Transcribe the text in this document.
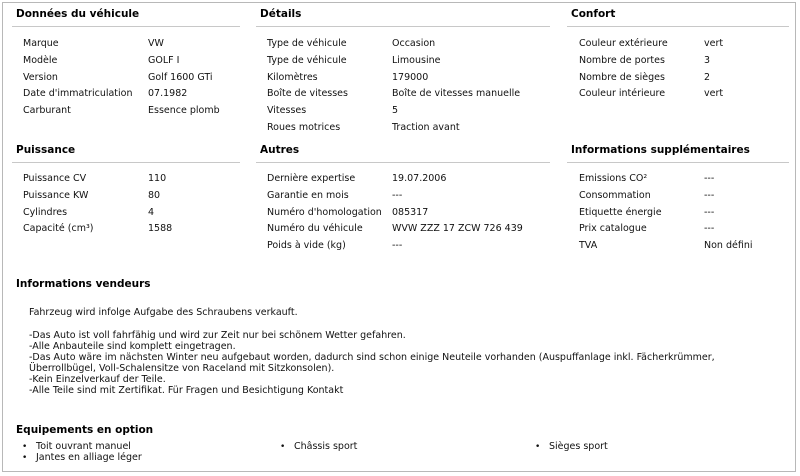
Données du véhicule	Détails	Confort
Marque	VW
Modèle	GOLF I
Version	Golf 1600 GTi
Date d'immatriculation 07.1982
Carburant	Essence plomb
Type de véhicule	Occasion
Type de véhicule	Limousine
Kilomètres	179000
Boîte de vitesses	Boîte de vitesses manuelle
Vitesses	5
Roues motrices	Traction avant
Couleur extérieure	vert
Nombre de portes	3
Nombre de sièges	2
Couleur intérieure	vert
Puissance	Autres	Informations supplémentaires
Puissance CV	110
Puissance KW	80
Cylindres	4
Capacité (cm³)	1588
Dernière expertise	19.07.2006
Garantie en mois	---
Numéro d'homologation 085317
Numéro du véhicule	WVW ZZZ 17 ZCW 726 439
Poids à vide (kg)	---
Emissions CO²	---
Consommation	---
Etiquette énergie	---
Prix catalogue	---
TVA	Non défini
Informations vendeurs
Fahrzeug wird infolge Aufgabe des Schraubens verkauft.
-Das Auto ist voll fahrfähig und wird zur Zeit nur bei schönem Wetter gefahren.
-Alle Anbauteile sind komplett eingetragen.
-Das Auto wäre im nächsten Winter neu aufgebaut worden, dadurch sind schon einige Neuteile vorhanden (Auspuffanlage inkl. Fächerkrümmer,
Überrollbügel, Voll-Schalensitze von Raceland mit Sitzkonsolen).
-Kein Einzelverkauf der Teile.
-Alle Teile sind mit Zertifikat. Für Fragen und Besichtigung Kontakt
Equipements en option
• Toit ouvrant manuel	• Châssis sport	• Sièges sport
• Jantes en alliage léger
